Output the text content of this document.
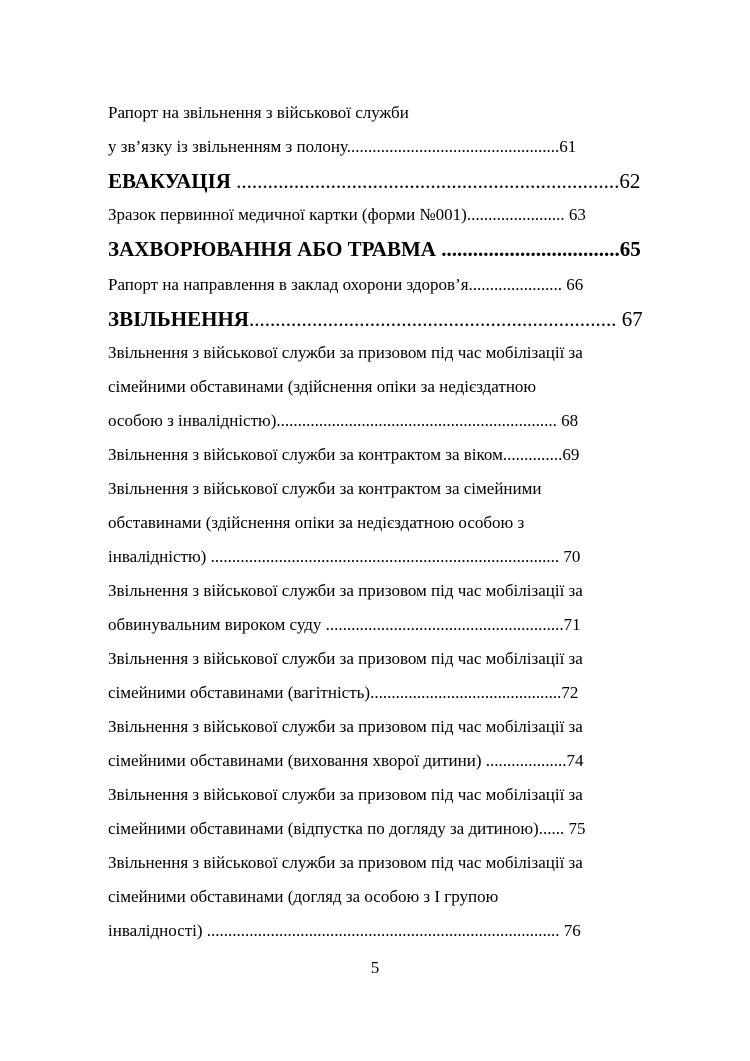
Рапорт на звільнення з військової служби
у зв’язку із звільненням з полону..................................................61
ЕВАКУАЦІЯ .........................................................................62
Зразок первинної медичної картки (форми №001)....................... 63
ЗАХВОРЮВАННЯ АБО ТРАВМА ..................................65
Рапорт на направлення в заклад охорони здоров’я...................... 66
ЗВІЛЬНЕННЯ...................................................................... 67
Звільнення з військової служби за призовом під час мобілізації за
сімейними обставинами (здійснення опіки за недієздатною
особою з інвалідністю).................................................................. 68
Звільнення з військової служби за контрактом за віком..............69
Звільнення з військової служби за контрактом за сімейними
обставинами (здійснення опіки за недієздатною особою з
інвалідністю) .................................................................................. 70
Звільнення з військової служби за призовом під час мобілізації за
обвинувальним вироком суду ........................................................71
Звільнення з військової служби за призовом під час мобілізації за
сімейними обставинами (вагітність).............................................72
Звільнення з військової служби за призовом під час мобілізації за
сімейними обставинами (виховання хворої дитини) ...................74
Звільнення з військової служби за призовом під час мобілізації за
сімейними обставинами (відпустка по догляду за дитиною)...... 75
Звільнення з військової служби за призовом під час мобілізації за
сімейними обставинами (догляд за особою з І групою
інвалідності) ................................................................................... 76
5
